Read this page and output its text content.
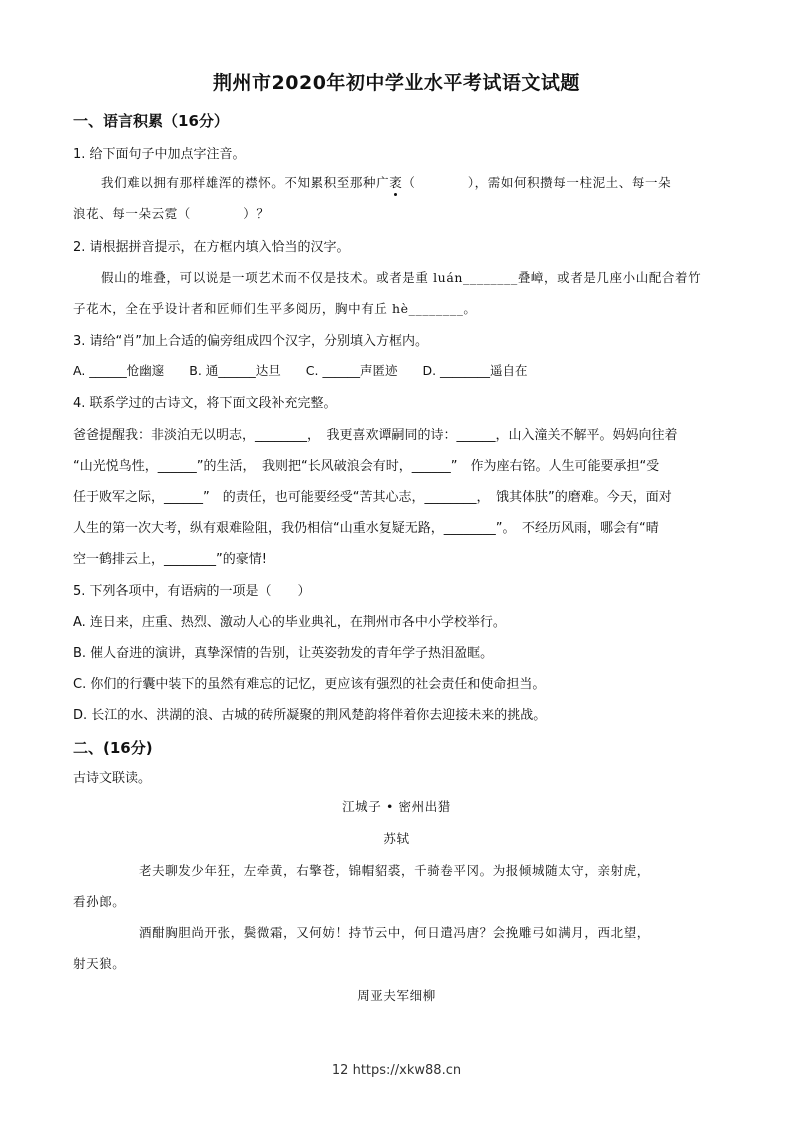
荆州市2020年初中学业水平考试语文试题
一、语言积累（16分）
1. 给下面句子中加点字注音。
我们难以拥有那样雄浑的襟怀。不知累积至那种广袤（　　　　），需如何积攒每一柱泥土、每一朵
浪花、每一朵云霓（　　　　）？
2. 请根据拼音提示，在方框内填入恰当的汉字。
假山的堆叠，可以说是一项艺术而不仅是技术。或者是重 luán________叠嶂，或者是几座小山配合着竹
子花木，全在乎设计者和匠师们生平多阅历，胸中有丘 hè________。
3. 请给“肖”加上合适的偏旁组成四个汉字，分别填入方框内。
A. ______怆幽邃　　B. 通______达旦　　C. ______声匿迹　　D. ________遥自在
4. 联系学过的古诗文，将下面文段补充完整。
爸爸提醒我：非淡泊无以明志，________，　我更喜欢谭嗣同的诗：______，山入潼关不解平。妈妈向往着
“山光悦鸟性，______”的生活，　我则把“长风破浪会有时，______”　作为座右铭。人生可能要承担“受
任于败军之际，______”　的责任，也可能要经受“苦其心志，________，　饿其体肤”的磨难。今天，面对
人生的第一次大考，纵有艰难险阻，我仍相信“山重水复疑无路，________”。　不经历风雨，哪会有“晴
空一鹤排云上，________”的豪情!
5. 下列各项中，有语病的一项是（　　）
A. 连日来，庄重、热烈、激动人心的毕业典礼，在荆州市各中小学校举行。
B. 催人奋进的演讲，真挚深情的告别，让英姿勃发的青年学子热泪盈眶。
C. 你们的行囊中装下的虽然有难忘的记忆，更应该有强烈的社会责任和使命担当。
D. 长江的水、洪湖的浪、古城的砖所凝聚的荆风楚韵将伴着你去迎接未来的挑战。
二、(16分)
古诗文联读。
江城子 • 密州出猎
苏轼
老夫聊发少年狂，左牵黄，右擎苍，锦帽貂裘，千骑卷平冈。为报倾城随太守，亲射虎，
看孙郎。
酒酣胸胆尚开张，鬓微霜，又何妨！持节云中，何日遣冯唐？会挽雕弓如满月，西北望，
射天狼。
周亚夫军细柳
12 https://xkw88.cn
